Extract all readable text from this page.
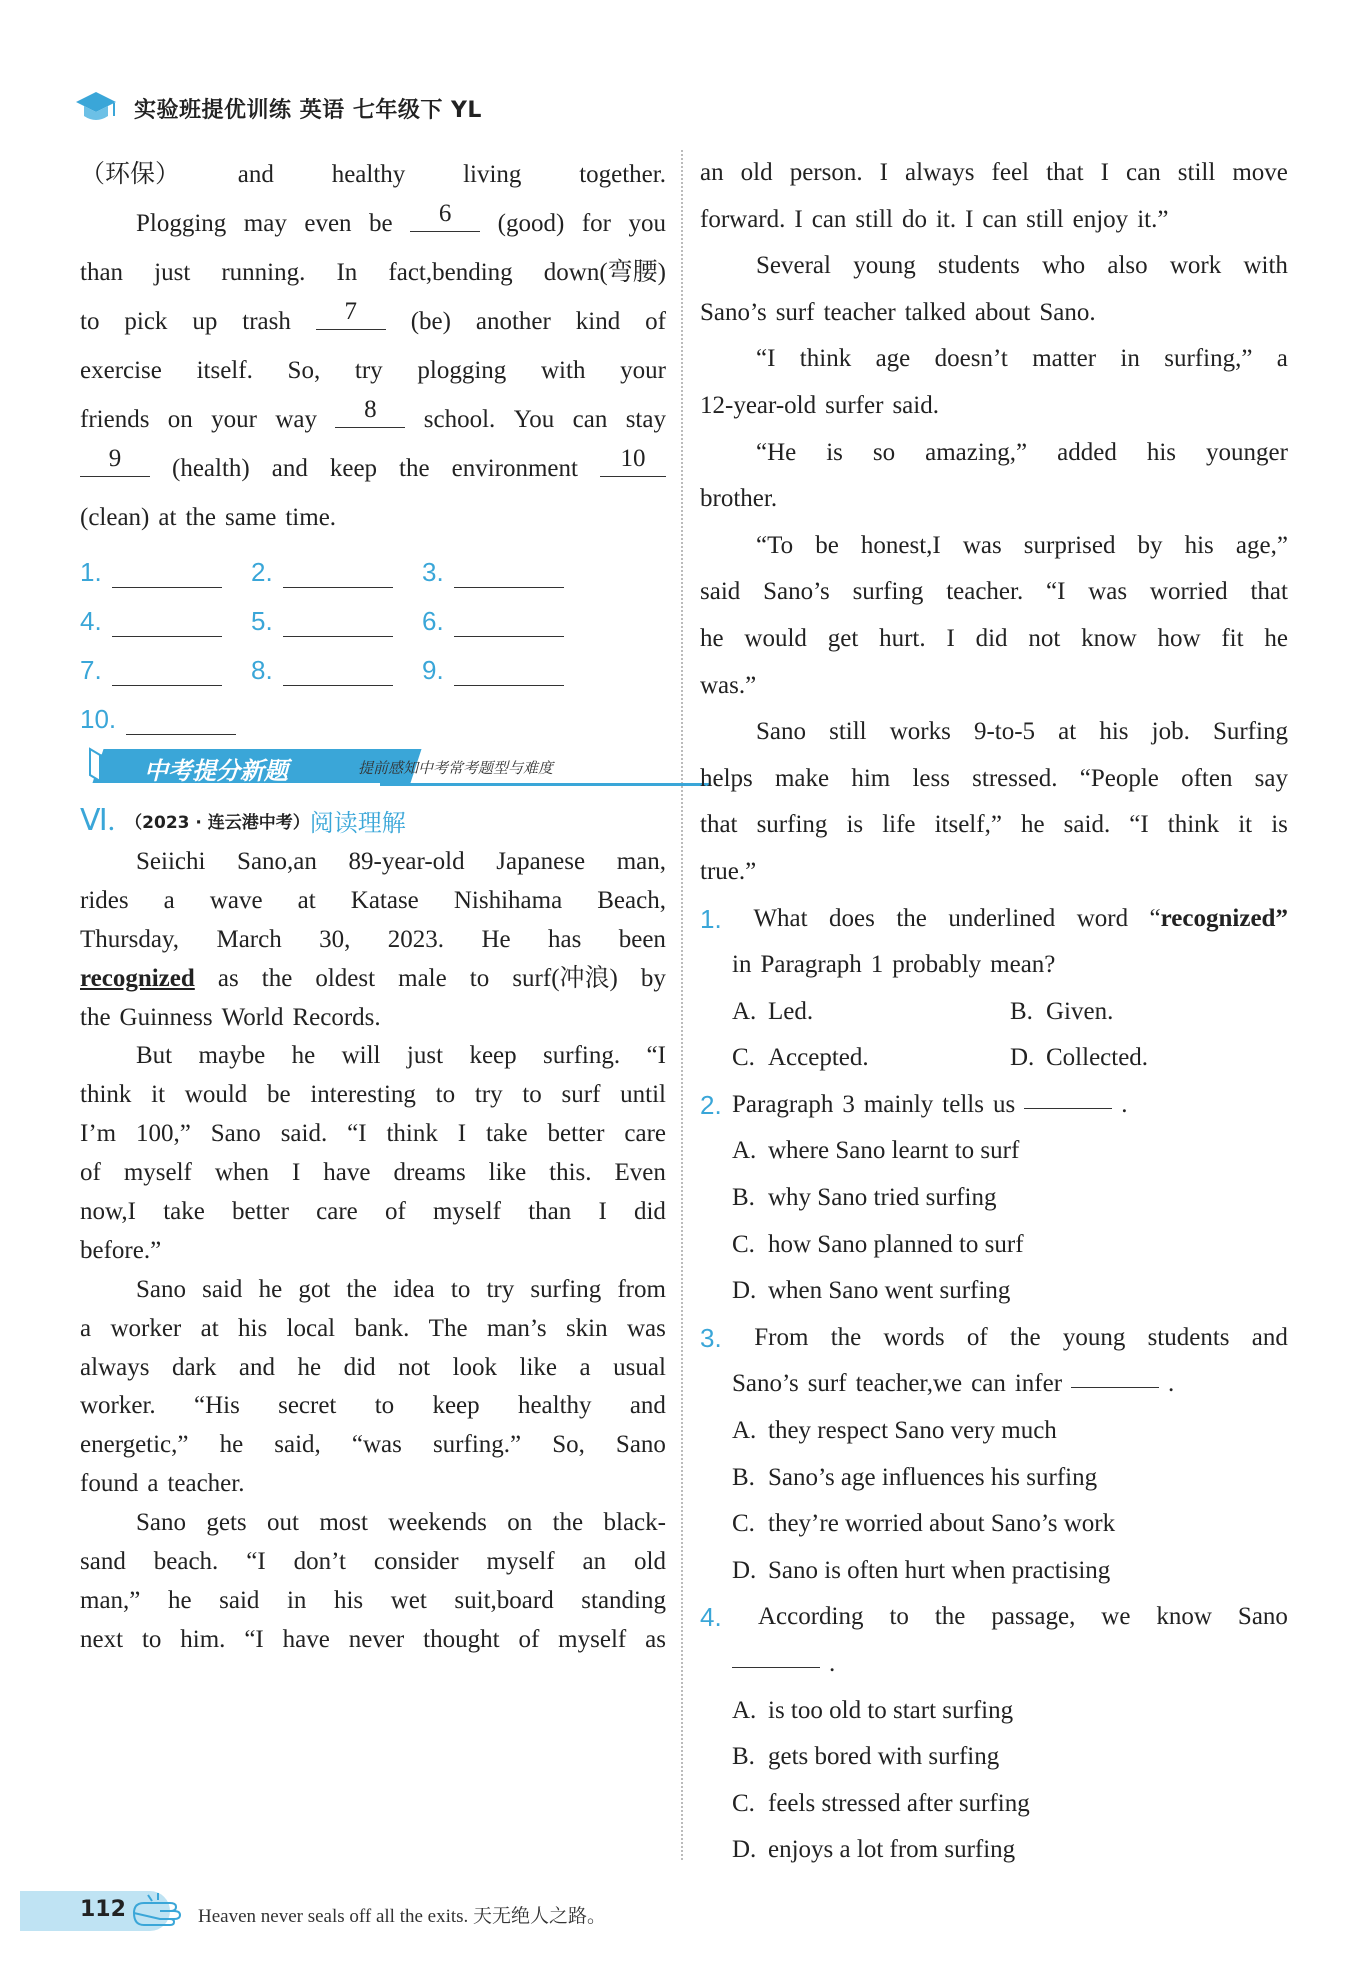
实验班提优训练 英语 七年级下 YL
（环保） and healthy living together.
Plogging may even be	6	(good) for you
than just running. In fact,bending down(弯腰)
to pick up trash	7	(be) another kind of
exercise itself. So, try plogging with your
friends on your way	8	school. You can stay
9	(health) and keep the environment	10
(clean) at the same time.
1.	2.	3.
4.	5.	6.
7.	8.	9.
10.
中考提分新题	提前感知中考常考题型与难度
Ⅵ. （2023 · 连云港中考） 阅读理解
Seiichi Sano,an 89-year-old Japanese man,
rides a wave at Katase Nishihama Beach,
Thursday, March 30, 2023. He has been
recognized as the oldest male to surf(冲浪) by
the Guinness World Records.
But maybe he will just keep surfing. “I
think it would be interesting to try to surf until
I’m 100,” Sano said. “I think I take better care
of myself when I have dreams like this. Even
now,I take better care of myself than I did
before.”
Sano said he got the idea to try surfing from
a worker at his local bank. The man’s skin was
always dark and he did not look like a usual
worker. “His secret to keep healthy and
energetic,” he said, “was surfing.” So, Sano
found a teacher.
Sano gets out most weekends on the black-
sand beach. “I don’t consider myself an old
man,” he said in his wet suit,board standing
next to him. “I have never thought of myself as
an old person. I always feel that I can still move
forward. I can still do it. I can still enjoy it.”
Several young students who also work with
Sano’s surf teacher talked about Sano.
“I think age doesn’t matter in surfing,” a
12-year-old surfer said.
“He is so amazing,” added his younger
brother.
“To be honest,I was surprised by his age,”
said Sano’s surfing teacher. “I was worried that
he would get hurt. I did not know how fit he
was.”
Sano still works 9-to-5 at his job. Surfing
helps make him less stressed. “People often say
that surfing is life itself,” he said. “I think it is
true.”
1.	What does the underlined word “recognized”
in Paragraph 1 probably mean?
A. Led.	B. Given.
C. Accepted.	D. Collected.
2. Paragraph 3 mainly tells us	.
A. where Sano learnt to surf
B. why Sano tried surfing
C. how Sano planned to surf
D. when Sano went surfing
3.	From the words of the young students and
Sano’s surf teacher,we can infer	.
A. they respect Sano very much
B. Sano’s age influences his surfing
C. they’re worried about Sano’s work
D. Sano is often hurt when practising
4.	According to the passage, we know Sano
.
A. is too old to start surfing
B. gets bored with surfing
C. feels stressed after surfing
D. enjoys a lot from surfing
112	Heaven never seals off all the exits. 天无绝人之路。
